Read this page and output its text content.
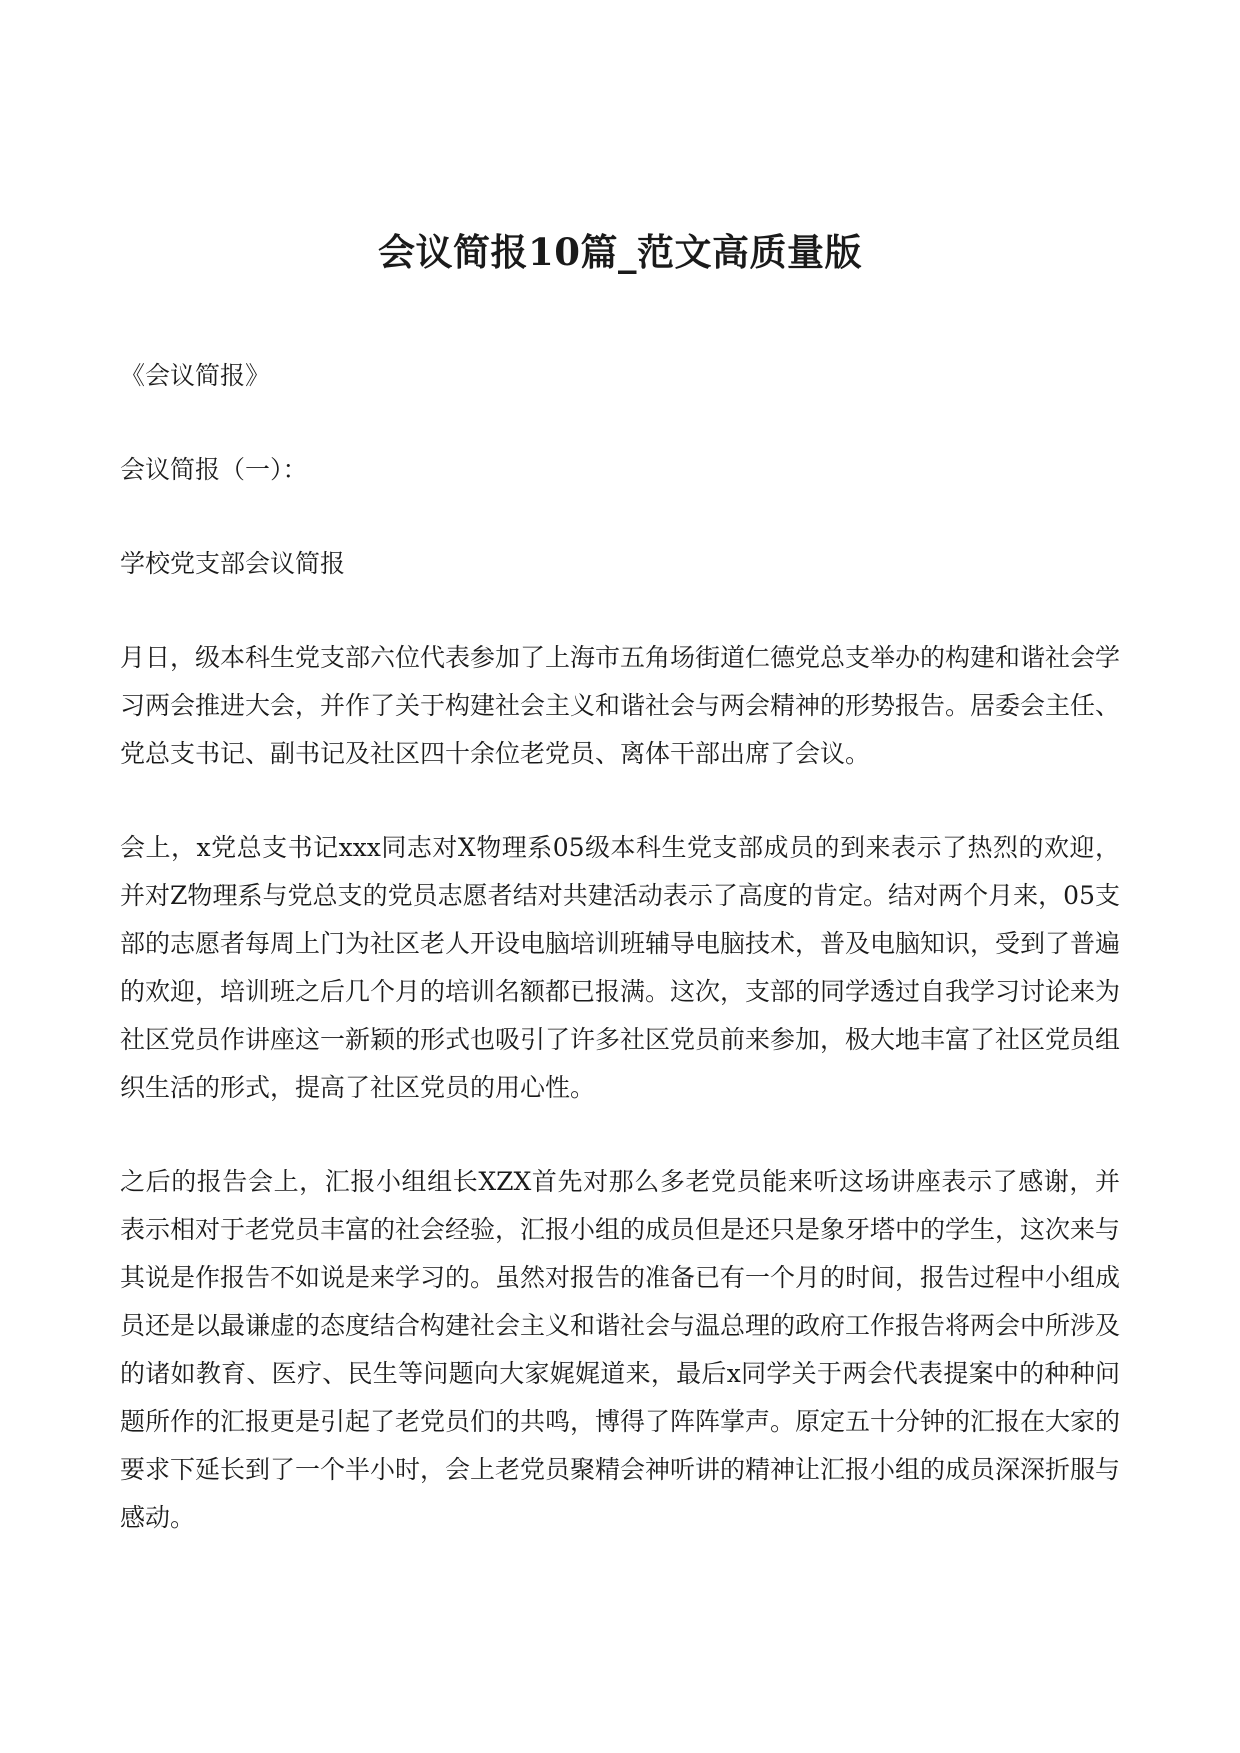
会议简报10篇_范文高质量版

《会议简报》

会议简报（一）：

学校党支部会议简报

月日，级本科生党支部六位代表参加了上海市五角场街道仁德党总支举办的构建和谐社会学习两会推进大会，并作了关于构建社会主义和谐社会与两会精神的形势报告。居委会主任、党总支书记、副书记及社区四十余位老党员、离体干部出席了会议。

会上，x党总支书记xxx同志对X物理系05级本科生党支部成员的到来表示了热烈的欢迎，并对Z物理系与党总支的党员志愿者结对共建活动表示了高度的肯定。结对两个月来，05支部的志愿者每周上门为社区老人开设电脑培训班辅导电脑技术，普及电脑知识，受到了普遍的欢迎，培训班之后几个月的培训名额都已报满。这次，支部的同学透过自我学习讨论来为社区党员作讲座这一新颖的形式也吸引了许多社区党员前来参加，极大地丰富了社区党员组织生活的形式，提高了社区党员的用心性。

之后的报告会上，汇报小组组长XZX首先对那么多老党员能来听这场讲座表示了感谢，并表示相对于老党员丰富的社会经验，汇报小组的成员但是还只是象牙塔中的学生，这次来与其说是作报告不如说是来学习的。虽然对报告的准备已有一个月的时间，报告过程中小组成员还是以最谦虚的态度结合构建社会主义和谐社会与温总理的政府工作报告将两会中所涉及的诸如教育、医疗、民生等问题向大家娓娓道来，最后x同学关于两会代表提案中的种种问题所作的汇报更是引起了老党员们的共鸣，博得了阵阵掌声。原定五十分钟的汇报在大家的要求下延长到了一个半小时，会上老党员聚精会神听讲的精神让汇报小组的成员深深折服与感动。
